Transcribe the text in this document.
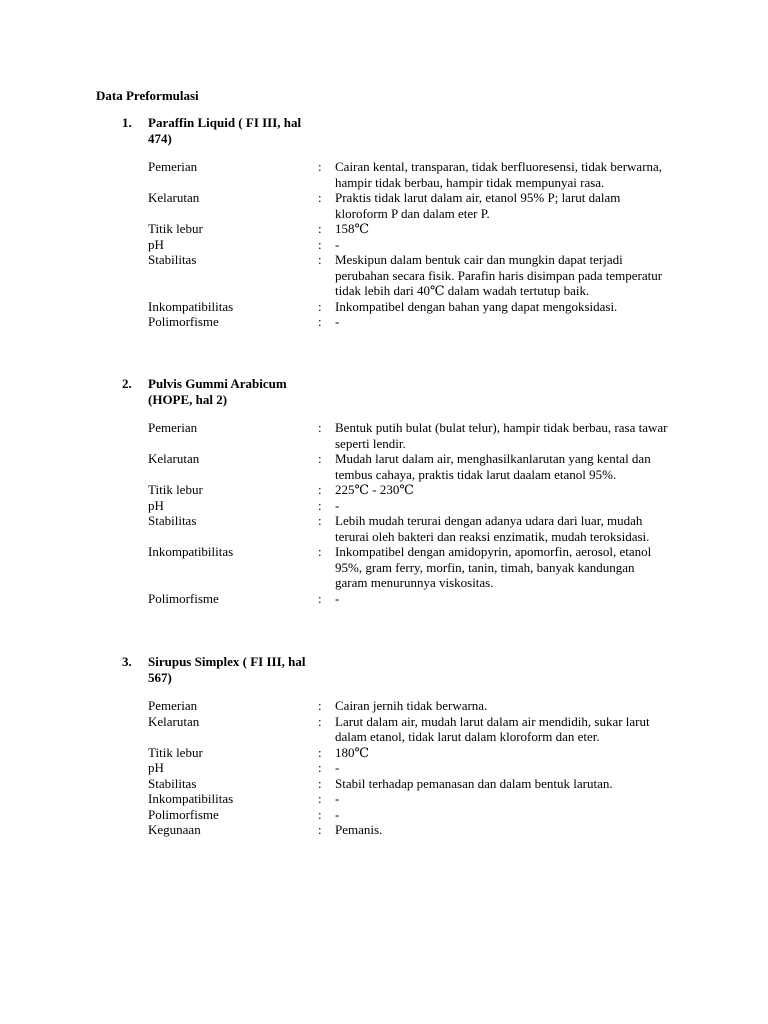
Data Preformulasi
1.	Paraffin Liquid ( FI III, hal 474)
Pemerian	:	Cairan kental, transparan, tidak berfluoresensi, tidak berwarna, hampir tidak berbau, hampir tidak mempunyai rasa.
Kelarutan	:	Praktis tidak larut dalam air, etanol 95% P; larut dalam kloroform P dan dalam eter P.
Titik lebur	:	158℃
pH	:	-
Stabilitas	:	Meskipun dalam bentuk cair dan mungkin dapat terjadi perubahan secara fisik. Parafin haris disimpan pada temperatur tidak lebih dari 40℃ dalam wadah tertutup baik.
Inkompatibilitas	:	Inkompatibel dengan bahan yang dapat mengoksidasi.
Polimorfisme	:	-
2.	Pulvis Gummi Arabicum (HOPE, hal 2)
Pemerian	:	Bentuk putih bulat (bulat telur), hampir tidak berbau, rasa tawar seperti lendir.
Kelarutan	:	Mudah larut dalam air, menghasilkanlarutan yang kental dan tembus cahaya, praktis tidak larut daalam etanol 95%.
Titik lebur	:	225℃ - 230℃
pH	:	-
Stabilitas	:	Lebih mudah terurai dengan adanya udara dari luar, mudah terurai oleh bakteri dan reaksi enzimatik, mudah teroksidasi.
Inkompatibilitas	:	Inkompatibel dengan amidopyrin, apomorfin, aerosol, etanol 95%, gram ferry, morfin, tanin, timah, banyak kandungan garam menurunnya viskositas.
Polimorfisme	:	-
3.	Sirupus Simplex ( FI III, hal 567)
Pemerian	:	Cairan jernih tidak berwarna.
Kelarutan	:	Larut dalam air, mudah larut dalam air mendidih, sukar larut dalam etanol, tidak larut dalam kloroform dan eter.
Titik lebur	:	180℃
pH	:	-
Stabilitas	:	Stabil terhadap pemanasan dan dalam bentuk larutan.
Inkompatibilitas	:	-
Polimorfisme	:	-
Kegunaan	:	Pemanis.
